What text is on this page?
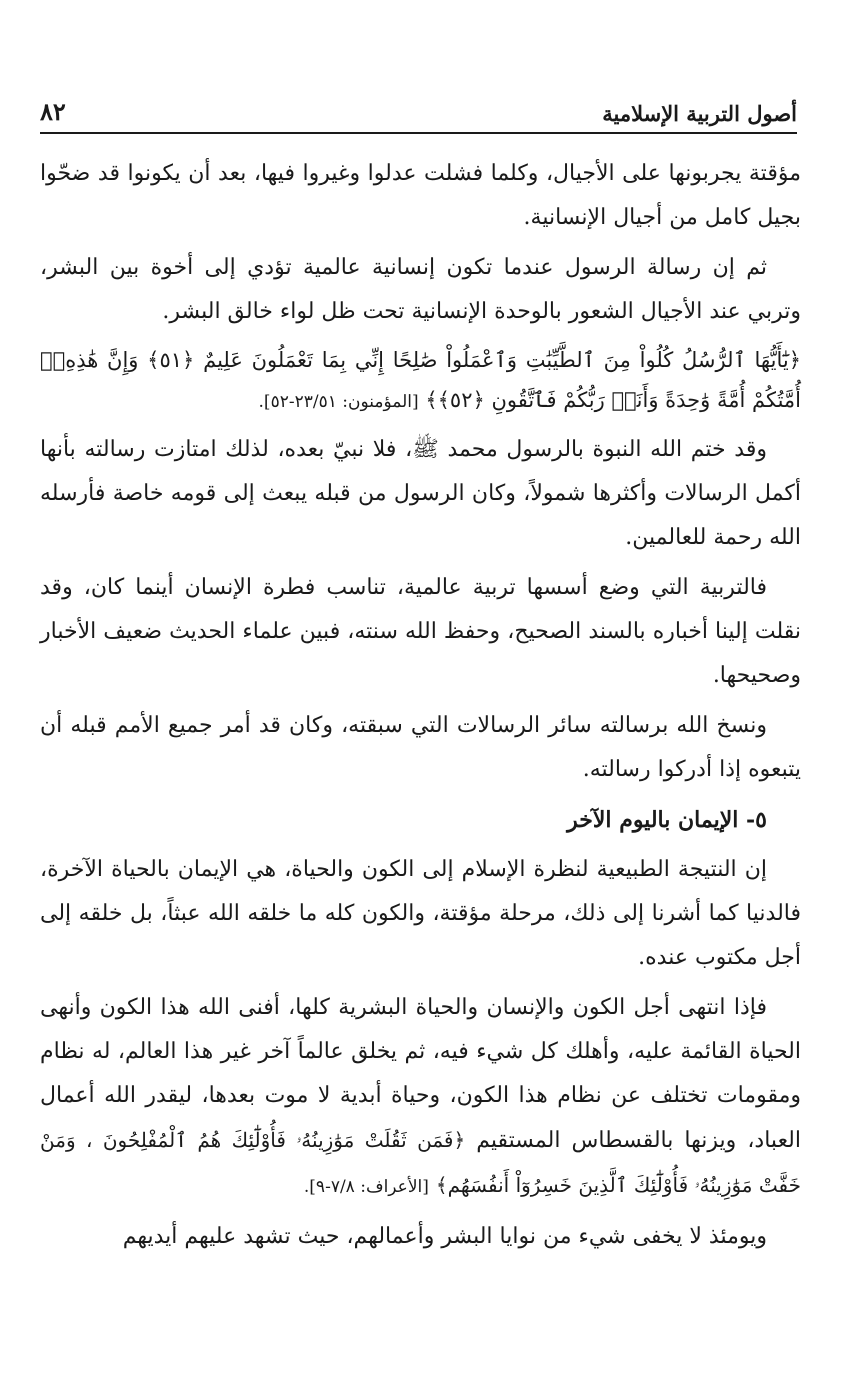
أصول التربية الإسلامية
٨٢

مؤقتة يجربونها على الأجيال، وكلما فشلت عدلوا وغيروا فيها، بعد أن يكونوا قد ضحّوا بجيل كامل من أجيال الإنسانية.

ثم إن رسالة الرسول عندما تكون إنسانية عالمية تؤدي إلى أخوة بين البشر، وتربي عند الأجيال الشعور بالوحدة الإنسانية تحت ظل لواء خالق البشر.

﴿يَٰٓأَيُّهَا ٱلرُّسُلُ كُلُواْ مِنَ ٱلطَّيِّبَٰتِ وَٱعْمَلُواْ صَٰلِحًا إِنِّي بِمَا تَعْمَلُونَ عَلِيمٌ ﴿٥١﴾ وَإِنَّ هَٰذِهِۦٓ أُمَّتُكُمْ أُمَّةً وَٰحِدَةً وَأَنَا۠ رَبُّكُمْ فَٱتَّقُونِ ﴿٥٢﴾﴾ [المؤمنون: ٢٣/٥١-٥٢].

وقد ختم الله النبوة بالرسول محمد ﷺ، فلا نبيّ بعده، لذلك امتازت رسالته بأنها أكمل الرسالات وأكثرها شمولاً، وكان الرسول من قبله يبعث إلى قومه خاصة فأرسله الله رحمة للعالمين.

فالتربية التي وضع أسسها تربية عالمية، تناسب فطرة الإنسان أينما كان، وقد نقلت إلينا أخباره بالسند الصحيح، وحفظ الله سنته، فبين علماء الحديث ضعيف الأخبار وصحيحها.

ونسخ الله برسالته سائر الرسالات التي سبقته، وكان قد أمر جميع الأمم قبله أن يتبعوه إذا أدركوا رسالته.

٥- الإيمان باليوم الآخر

إن النتيجة الطبيعية لنظرة الإسلام إلى الكون والحياة، هي الإيمان بالحياة الآخرة، فالدنيا كما أشرنا إلى ذلك، مرحلة مؤقتة، والكون كله ما خلقه الله عبثاً، بل خلقه إلى أجل مكتوب عنده.

فإذا انتهى أجل الكون والإنسان والحياة البشرية كلها، أفنى الله هذا الكون وأنهى الحياة القائمة عليه، وأهلك كل شيء فيه، ثم يخلق عالماً آخر غير هذا العالم، له نظام ومقومات تختلف عن نظام هذا الكون، وحياة أبدية لا موت بعدها، ليقدر الله أعمال العباد، ويزنها بالقسطاس المستقيم ﴿فَمَن ثَقُلَتْ مَوَٰزِينُهُۥ فَأُوْلَٰٓئِكَ هُمُ ٱلْمُفْلِحُونَ ، وَمَنْ خَفَّتْ مَوَٰزِينُهُۥ فَأُوْلَٰٓئِكَ ٱلَّذِينَ خَسِرُوٓاْ أَنفُسَهُم﴾ [الأعراف: ٧/٨-٩].

ويومئذ لا يخفى شيء من نوايا البشر وأعمالهم، حيث تشهد عليهم أيديهم
